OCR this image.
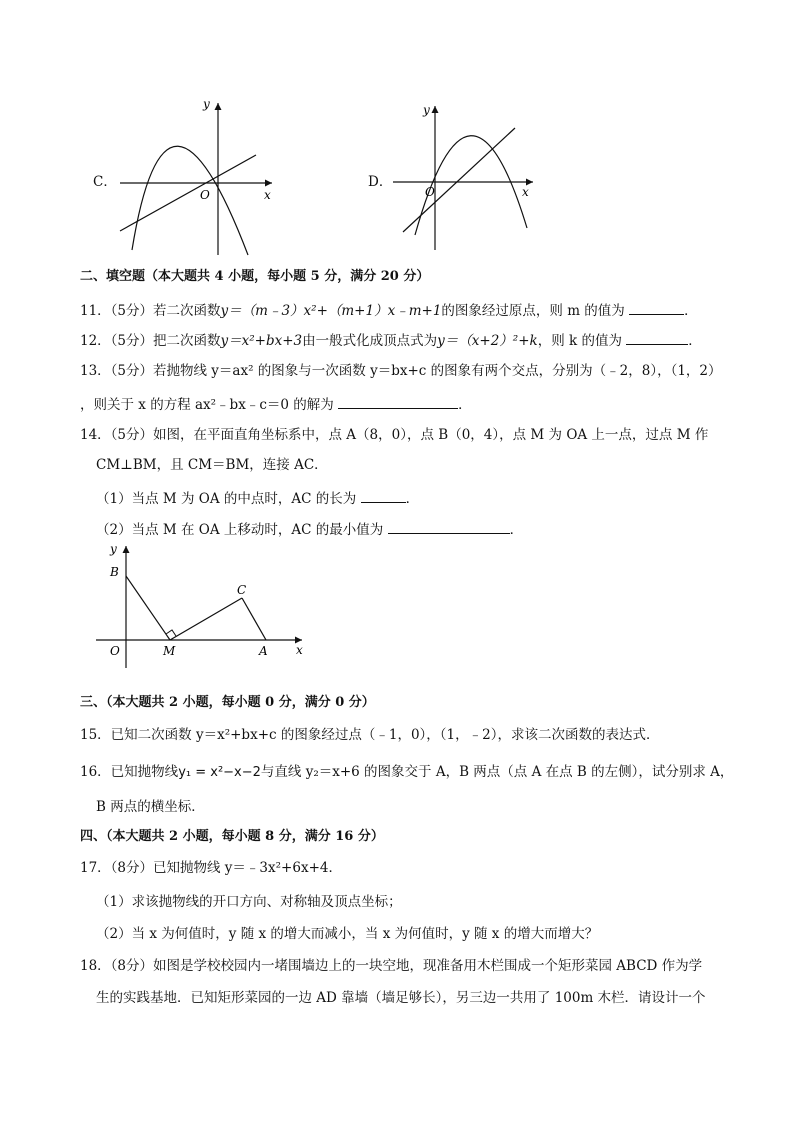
C．
y
x
O
D．
y
x
O
二、填空题（本大题共 4 小题，每小题 5 分，满分 20 分）
11．（5分）若二次函数y＝（m﹣3）x²+（m+1）x﹣m+1的图象经过原点，则 m 的值为	．
12．（5分）把二次函数y＝x²+bx+3由一般式化成顶点式为y＝（x+2）²+k，则 k 的值为	．
13．（5分）若抛物线 y＝ax² 的图象与一次函数 y＝bx+c 的图象有两个交点，分别为（﹣2，8），（1，2）
，则关于 x 的方程 ax²﹣bx﹣c＝0 的解为	．
14．（5分）如图，在平面直角坐标系中，点 A（8，0），点 B（0，4），点 M 为 OA 上一点，过点 M 作
CM⊥BM，且 CM＝BM，连接 AC．
（1）当点 M 为 OA 的中点时，AC 的长为	．
（2）当点 M 在 OA 上移动时，AC 的最小值为	．
y
x
B
C
O	M	A
三、（本大题共 2 小题，每小题 0 分，满分 0 分）
15．已知二次函数 y＝x²+bx+c 的图象经过点（﹣1，0），（1，﹣2），求该二次函数的表达式．
16．已知抛物线y₁ = x²−x−2与直线 y₂＝x+6 的图象交于 A，B 两点（点 A 在点 B 的左侧），试分别求 A，
B 两点的横坐标．
四、（本大题共 2 小题，每小题 8 分，满分 16 分）
17．（8分）已知抛物线 y＝﹣3x²+6x+4．
（1）求该抛物线的开口方向、对称轴及顶点坐标；
（2）当 x 为何值时，y 随 x 的增大而减小，当 x 为何值时，y 随 x 的增大而增大？
18．（8分）如图是学校校园内一堵围墙边上的一块空地，现准备用木栏围成一个矩形菜园 ABCD 作为学
生的实践基地．已知矩形菜园的一边 AD 靠墙（墙足够长），另三边一共用了 100m 木栏．请设计一个
